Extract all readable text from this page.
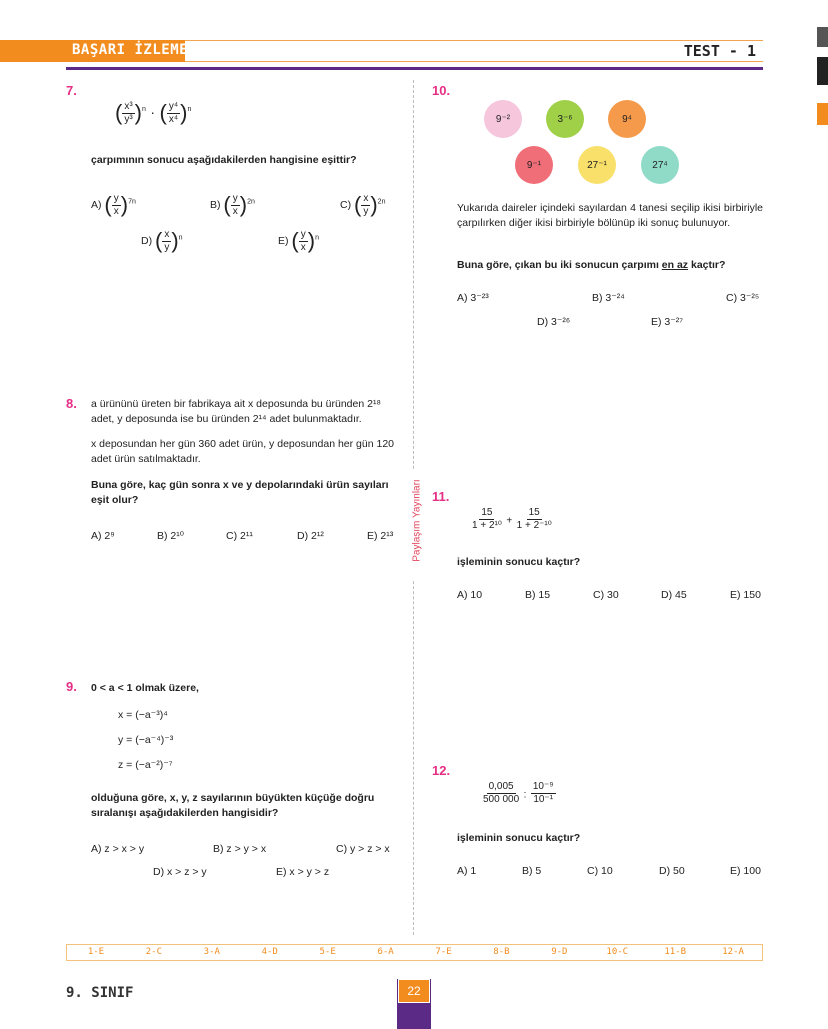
BAŞARI İZLEME TESTİ	TEST - 1
Paylaşım Yayınları
7.
( $\frac{\text{x³}}{\text{y³}} )^n$ · ( $\frac{\text{y⁴}}{\text{x⁴}} )^n$
çarpımının sonucu aşağıdakilerden hangisine eşittir?
A) ( $\frac{y}{x} )^{7n}$	B) ( $\frac{y}{x} )^{2n}$	C) ( $\frac{x}{y} )^{2n}$
D) ( $\frac{x}{y} )^n$	E) ( $\frac{y}{x} )^n$
8. a ürününü üreten bir fabrikaya ait x deposunda bu üründen 2¹⁸ adet, y deposunda ise bu üründen 2¹⁴ adet bulunmaktadır.
x deposundan her gün 360 adet ürün, y deposundan her gün 120 adet ürün satılmaktadır.
Buna göre, kaç gün sonra x ve y depolarındaki ürün sayıları eşit olur?
A) 2⁹	B) 2¹⁰	C) 2¹¹	D) 2¹²	E) 2¹³
9. 0 < a < 1 olmak üzere,
x = (−a⁻³)⁴
y = (−a⁻⁴)⁻³
z = (−a⁻²)⁻⁷
olduğuna göre, x, y, z sayılarının büyükten küçüğe doğru sıralanışı aşağıdakilerden hangisidir?
A) z > x > y	B) z > y > x	C) y > z > x
D) x > z > y	E) x > y > z
10.
9⁻²	3⁻⁶	9⁴
9⁻¹	27⁻¹	27⁴
Yukarıda daireler içindeki sayılardan 4 tanesi seçilip ikisi birbiriyle çarpılırken diğer ikisi birbiriyle bölünüp iki sonuç bulunuyor.
Buna göre, çıkan bu iki sonucun çarpımı en az kaçtır?
A) 3⁻²³	B) 3⁻²⁴	C) 3⁻²⁵
D) 3⁻²⁶	E) 3⁻²⁷
11.
$\frac{15}{\text{1 + 2¹⁰}} + \frac{15}{\text{1 + 2⁻¹⁰}}$
işleminin sonucu kaçtır?
A) 10	B) 15	C) 30	D) 45	E) 150
12.
$\frac{0,005}{500 000}$ : $\frac{\text{10⁻⁹}}{\text{10⁻¹}}$
işleminin sonucu kaçtır?
A) 1	B) 5	C) 10	D) 50	E) 100
1-E	2-C	3-A	4-D	5-E	6-A	7-E	8-B	9-D	10-C	11-B	12-A
9. SINIF	22
